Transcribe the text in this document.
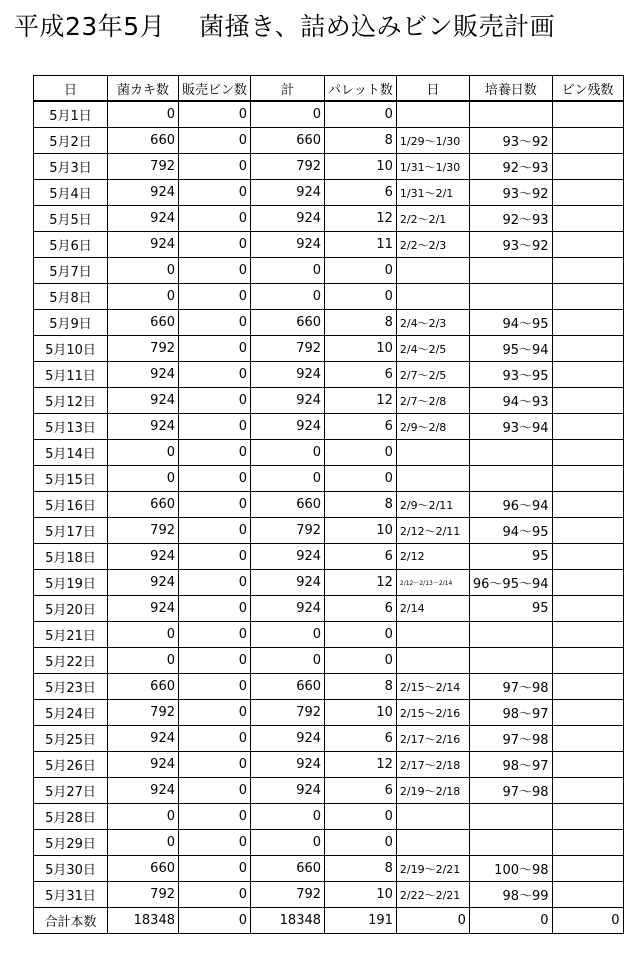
平成23年5月　 菌掻き、詰め込みビン販売計画
日	菌カキ数	販売ビン数	計	パレット数	日	培養日数	ビン残数
5月1日	0	0	0	0			
5月2日	660	0	660	8	1/29～1/30	93～92	
5月3日	792	0	792	10	1/31～1/30	92～93	
5月4日	924	0	924	6	1/31～2/1	93～92	
5月5日	924	0	924	12	2/2～2/1	92～93	
5月6日	924	0	924	11	2/2～2/3	93～92	
5月7日	0	0	0	0			
5月8日	0	0	0	0			
5月9日	660	0	660	8	2/4～2/3	94～95	
5月10日	792	0	792	10	2/4～2/5	95～94	
5月11日	924	0	924	6	2/7～2/5	93～95	
5月12日	924	0	924	12	2/7～2/8	94～93	
5月13日	924	0	924	6	2/9～2/8	93～94	
5月14日	0	0	0	0			
5月15日	0	0	0	0			
5月16日	660	0	660	8	2/9～2/11	96～94	
5月17日	792	0	792	10	2/12～2/11	94～95	
5月18日	924	0	924	6	2/12	95	
5月19日	924	0	924	12	2/12～2/13～2/14	96～95～94	
5月20日	924	0	924	6	2/14	95	
5月21日	0	0	0	0			
5月22日	0	0	0	0			
5月23日	660	0	660	8	2/15～2/14	97～98	
5月24日	792	0	792	10	2/15～2/16	98～97	
5月25日	924	0	924	6	2/17～2/16	97～98	
5月26日	924	0	924	12	2/17～2/18	98～97	
5月27日	924	0	924	6	2/19～2/18	97～98	
5月28日	0	0	0	0			
5月29日	0	0	0	0			
5月30日	660	0	660	8	2/19～2/21	100～98	
5月31日	792	0	792	10	2/22～2/21	98～99	
合計本数	18348	0	18348	191	0	0	0
